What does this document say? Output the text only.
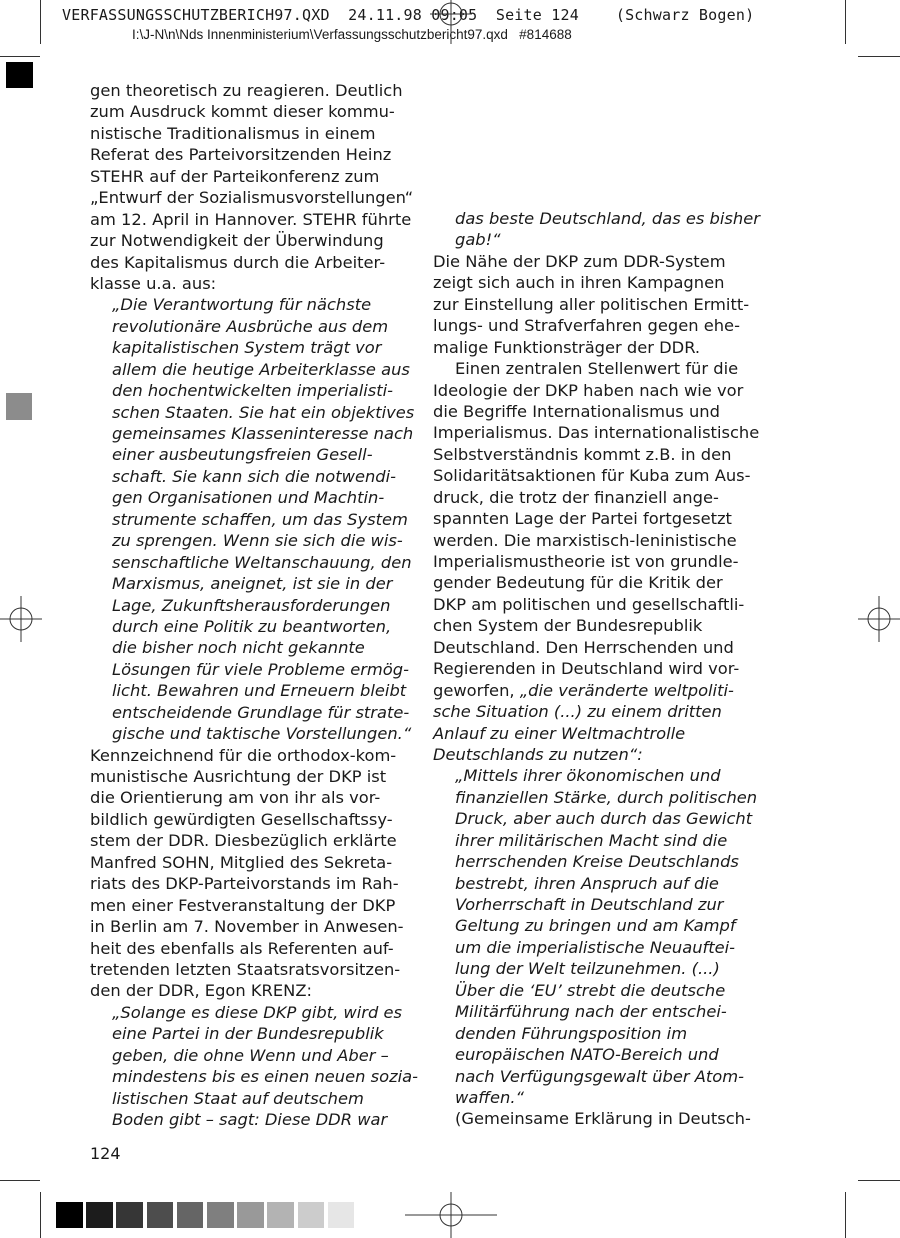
VERFASSUNGSSCHUTZBERICH97.QXD  24.11.98 09:05  Seite 124    (Schwarz Bogen)
I:\J-N\n\Nds Innenministerium\Verfassungsschutzbericht97.qxd   #814688
gen theoretisch zu reagieren. Deutlich
zum Ausdruck kommt dieser kommu-
nistische Traditionalismus in einem
Referat des Parteivorsitzenden Heinz
STEHR auf der Parteikonferenz zum
„Entwurf der Sozialismusvorstellungen“
am 12. April in Hannover. STEHR führte
zur Notwendigkeit der Überwindung
des Kapitalismus durch die Arbeiter-
klasse u.a. aus:
„Die Verantwortung für nächste
revolutionäre Ausbrüche aus dem
kapitalistischen System trägt vor
allem die heutige Arbeiterklasse aus
den hochentwickelten imperialisti-
schen Staaten. Sie hat ein objektives
gemeinsames Klasseninteresse nach
einer ausbeutungsfreien Gesell-
schaft. Sie kann sich die notwendi-
gen Organisationen und Machtin-
strumente schaffen, um das System
zu sprengen. Wenn sie sich die wis-
senschaftliche Weltanschauung, den
Marxismus, aneignet, ist sie in der
Lage, Zukunftsherausforderungen
durch eine Politik zu beantworten,
die bisher noch nicht gekannte
Lösungen für viele Probleme ermög-
licht. Bewahren und Erneuern bleibt
entscheidende Grundlage für strate-
gische und taktische Vorstellungen.“
Kennzeichnend für die orthodox-kom-
munistische Ausrichtung der DKP ist
die Orientierung am von ihr als vor-
bildlich gewürdigten Gesellschaftssy-
stem der DDR. Diesbezüglich erklärte
Manfred SOHN, Mitglied des Sekreta-
riats des DKP-Parteivorstands im Rah-
men einer Festveranstaltung der DKP
in Berlin am 7. November in Anwesen-
heit des ebenfalls als Referenten auf-
tretenden letzten Staatsratsvorsitzen-
den der DDR, Egon KRENZ:
„Solange es diese DKP gibt, wird es
eine Partei in der Bundesrepublik
geben, die ohne Wenn und Aber –
mindestens bis es einen neuen sozia-
listischen Staat auf deutschem
Boden gibt – sagt: Diese DDR war
das beste Deutschland, das es bisher
gab!“
Die Nähe der DKP zum DDR-System
zeigt sich auch in ihren Kampagnen
zur Einstellung aller politischen Ermitt-
lungs- und Strafverfahren gegen ehe-
malige Funktionsträger der DDR.
Einen zentralen Stellenwert für die
Ideologie der DKP haben nach wie vor
die Begriffe Internationalismus und
Imperialismus. Das internationalistische
Selbstverständnis kommt z.B. in den
Solidaritätsaktionen für Kuba zum Aus-
druck, die trotz der finanziell ange-
spannten Lage der Partei fortgesetzt
werden. Die marxistisch-leninistische
Imperialismustheorie ist von grundle-
gender Bedeutung für die Kritik der
DKP am politischen und gesellschaftli-
chen System der Bundesrepublik
Deutschland. Den Herrschenden und
Regierenden in Deutschland wird vor-
geworfen, „die veränderte weltpoliti-
sche Situation (...) zu einem dritten
Anlauf zu einer Weltmachtrolle
Deutschlands zu nutzen“:
„Mittels ihrer ökonomischen und
finanziellen Stärke, durch politischen
Druck, aber auch durch das Gewicht
ihrer militärischen Macht sind die
herrschenden Kreise Deutschlands
bestrebt, ihren Anspruch auf die
Vorherrschaft in Deutschland zur
Geltung zu bringen und am Kampf
um die imperialistische Neuauftei-
lung der Welt teilzunehmen. (...)
Über die ‘EU’ strebt die deutsche
Militärführung nach der entschei-
denden Führungsposition im
europäischen NATO-Bereich und
nach Verfügungsgewalt über Atom-
waffen.“
(Gemeinsame Erklärung in Deutsch-
124
